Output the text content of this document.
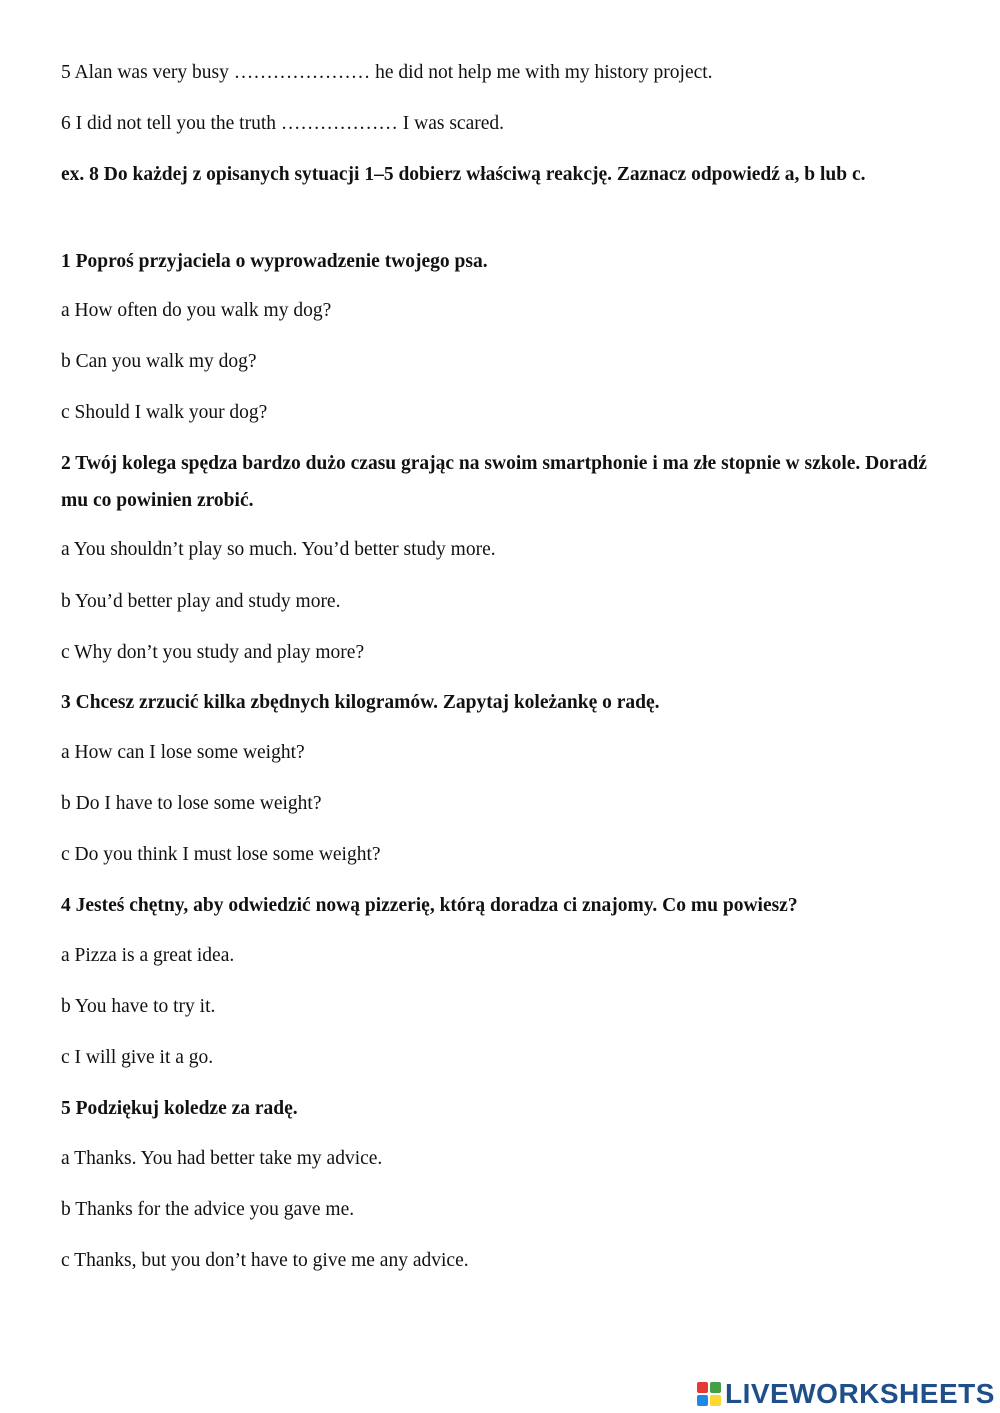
5 Alan was very busy ………………… he did not help me with my history project.
6 I did not tell you the truth ……………… I was scared.
ex. 8 Do każdej z opisanych sytuacji 1–5 dobierz właściwą reakcję. Zaznacz odpowiedź a, b lub c.
1 Poproś przyjaciela o wyprowadzenie twojego psa.
a How often do you walk my dog?
b Can you walk my dog?
c Should I walk your dog?
2 Twój kolega spędza bardzo dużo czasu grając na swoim smartphonie i ma złe stopnie w szkole. Doradź mu co powinien zrobić.
a You shouldn’t play so much. You’d better study more.
b You’d better play and study more.
c Why don’t you study and play more?
3 Chcesz zrzucić kilka zbędnych kilogramów. Zapytaj koleżankę o radę.
a How can I lose some weight?
b Do I have to lose some weight?
c Do you think I must lose some weight?
4 Jesteś chętny, aby odwiedzić nową pizzerię, którą doradza ci znajomy. Co mu powiesz?
a Pizza is a great idea.
b You have to try it.
c I will give it a go.
5 Podziękuj koledze za radę.
a Thanks. You had better take my advice.
b Thanks for the advice you gave me.
c Thanks, but you don’t have to give me any advice.
LIVEWORKSHEETS
